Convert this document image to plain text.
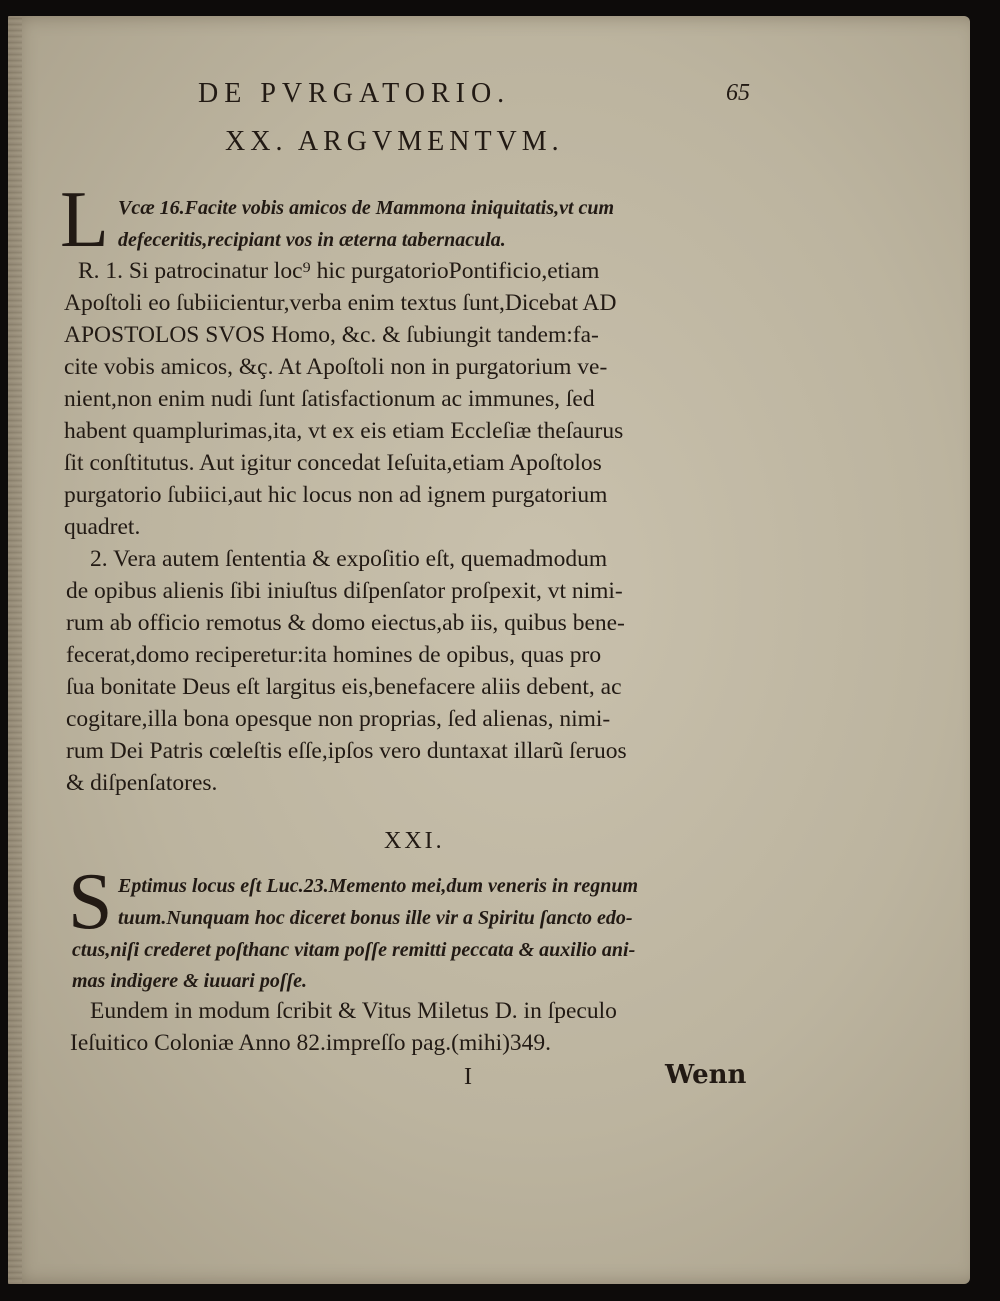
DE PVRGATORIO.	65
XX. ARGVMENTVM.
L Vcæ 16.Facite vobis amicos de Mammona iniquitatis,vt cum
defeceritis,recipiant vos in æterna tabernacula.
R. 1. Si patrocinatur loc⁹ hic purgatorioPontificio,etiam
Apoſtoli eo ſubiicientur,verba enim textus ſunt,Dicebat AD
APOSTOLOS SVOS Homo, &c. & ſubiungit tandem:fa-
cite vobis amicos, &ç. At Apoſtoli non in purgatorium ve-
nient,non enim nudi ſunt ſatisfactionum ac immunes, ſed
habent quamplurimas,ita, vt ex eis etiam Eccleſiæ theſaurus
ſit conſtitutus. Aut igitur concedat Ieſuita,etiam Apoſtolos
purgatorio ſubiici,aut hic locus non ad ignem purgatorium
quadret.
2. Vera autem ſententia & expoſitio eſt, quemadmodum
de opibus alienis ſibi iniuſtus diſpenſator proſpexit, vt nimi-
rum ab officio remotus & domo eiectus,ab iis, quibus bene-
fecerat,domo reciperetur:ita homines de opibus, quas pro
ſua bonitate Deus eſt largitus eis,benefacere aliis debent, ac
cogitare,illa bona opesque non proprias, ſed alienas, nimi-
rum Dei Patris cœleſtis eſſe,ipſos vero duntaxat illarũ ſeruos
& diſpenſatores.
XXI.
S Eptimus locus eſt Luc.23.Memento mei,dum veneris in regnum
tuum.Nunquam hoc diceret bonus ille vir a Spiritu ſancto edo-
ctus,niſi crederet poſthanc vitam poſſe remitti peccata & auxilio ani-
mas indigere & iuuari poſſe.
Eundem in modum ſcribit & Vitus Miletus D. in ſpeculo
Ieſuitico Coloniæ Anno 82.impreſſo pag.(mihi)349.
I	Wenn
